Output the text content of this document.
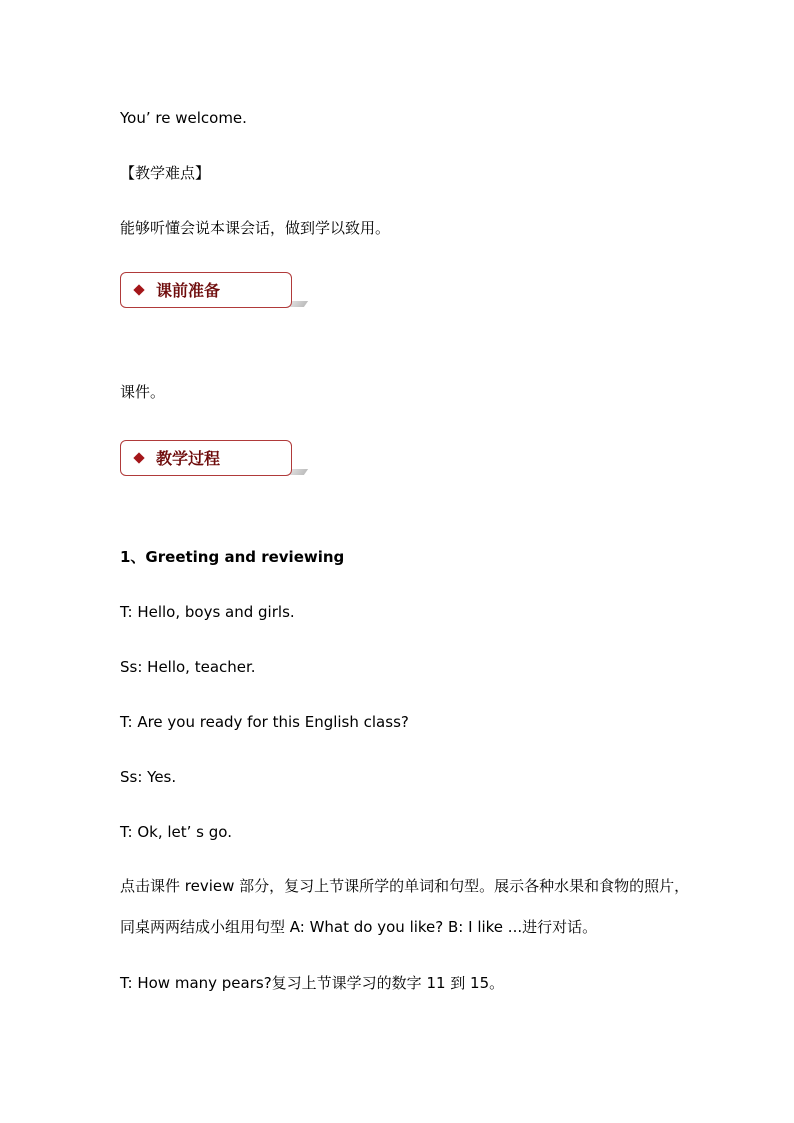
You’ re welcome.
【教学难点】
能够听懂会说本课会话，做到学以致用。
课前准备
课件。
教学过程
1、Greeting and reviewing
T: Hello, boys and girls.
Ss: Hello, teacher.
T: Are you ready for this English class?
Ss: Yes.
T: Ok, let’ s go.
点击课件 review 部分，复习上节课所学的单词和句型。展示各种水果和食物的照片，同桌两两结成小组用句型 A: What do you like? B: I like ...进行对话。
T: How many pears?复习上节课学习的数字 11 到 15。
